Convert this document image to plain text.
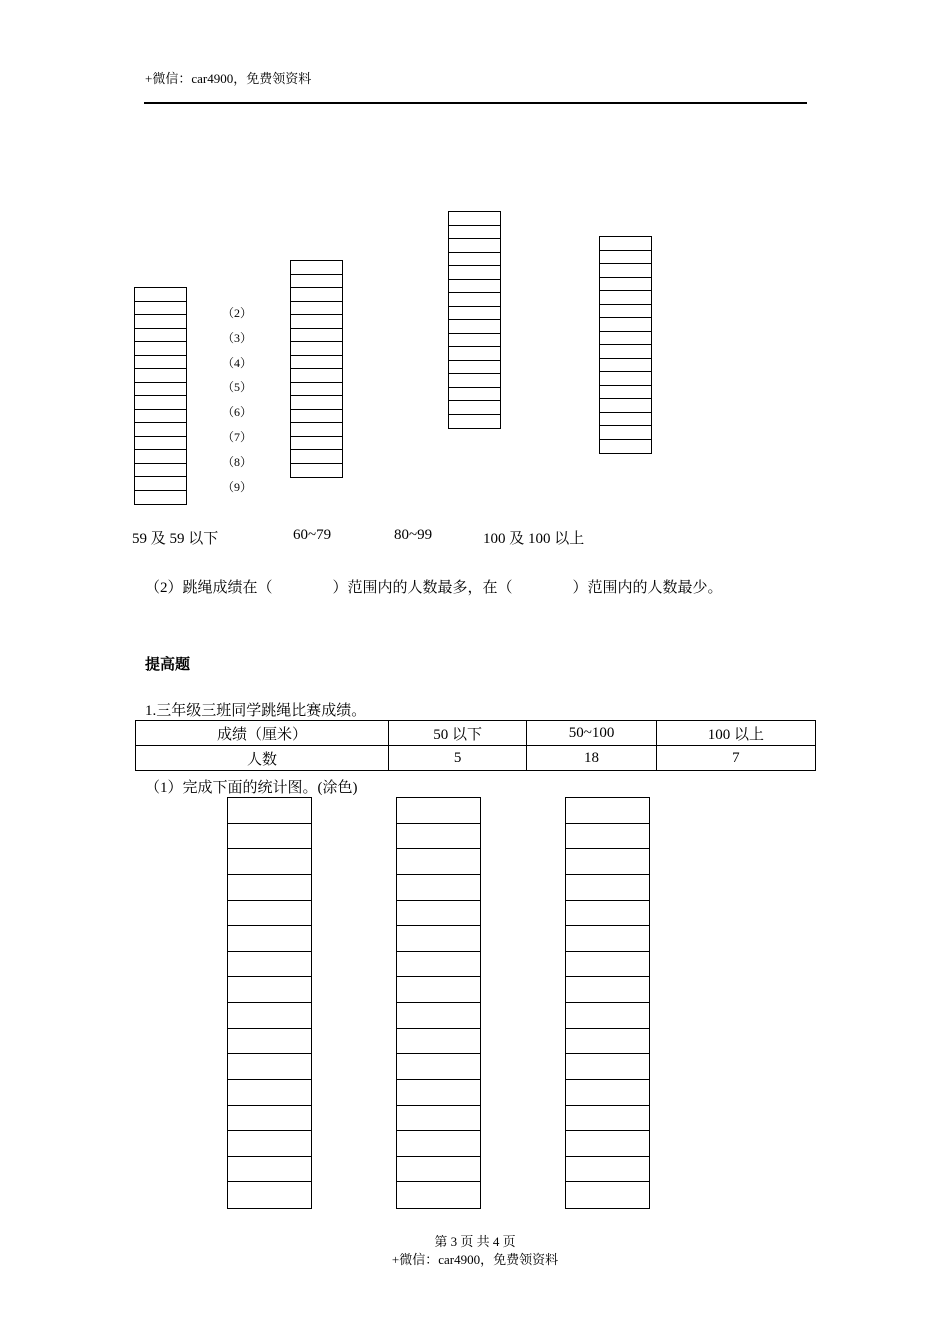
+微信：car4900，免费领资料
（2）
（3）
（4）
（5）
（6）
（7）
（8）
（9）
59 及 59 以下	60~79	80~99	100 及 100 以上
（2）跳绳成绩在（　　　　）范围内的人数最多，在（　　　　）范围内的人数最少。
提高题
1.三年级三班同学跳绳比赛成绩。
成绩（厘米）	50 以下	50~100	100 以上
人数	5	18	7
（1）完成下面的统计图。(涂色)
第 3 页 共 4 页
+微信：car4900，免费领资料
